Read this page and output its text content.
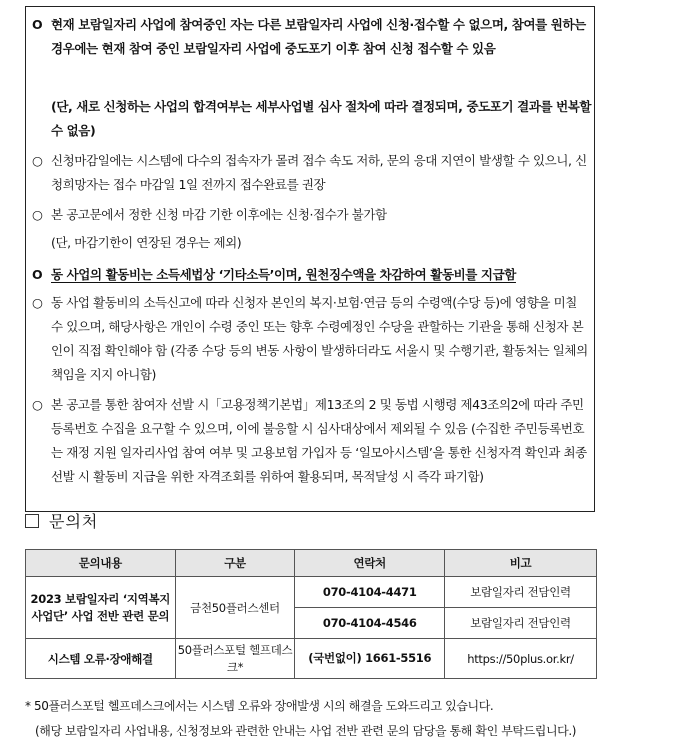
O 현재 보람일자리 사업에 참여중인 자는 다른 보람일자리 사업에 신청·접수할 수 없으며, 참여를 원하는 경우에는 현재 참여 중인 보람일자리 사업에 중도포기 이후 참여 신청 접수할 수 있음
(단, 새로 신청하는 사업의 합격여부는 세부사업별 심사 절차에 따라 결정되며, 중도포기 결과를 번복할 수 없음)
○ 신청마감일에는 시스템에 다수의 접속자가 몰려 접수 속도 저하, 문의 응대 지연이 발생할 수 있으니, 신청희망자는 접수 마감일 1일 전까지 접수완료를 권장
○ 본 공고문에서 정한 신청 마감 기한 이후에는 신청·접수가 불가함
(단, 마감기한이 연장된 경우는 제외)
O 동 사업의 활동비는 소득세법상 ‘기타소득’이며, 원천징수액을 차감하여 활동비를 지급함
○ 동 사업 활동비의 소득신고에 따라 신청자 본인의 복지·보험·연금 등의 수령액(수당 등)에 영향을 미칠 수 있으며, 해당사항은 개인이 수령 중인 또는 향후 수령예정인 수당을 관할하는 기관을 통해 신청자 본인이 직접 확인해야 함 (각종 수당 등의 변동 사항이 발생하더라도 서울시 및 수행기관, 활동처는 일체의 책임을 지지 아니함)
○ 본 공고를 통한 참여자 선발 시「고용정책기본법」제13조의 2 및 동법 시행령 제43조의2에 따라 주민등록번호 수집을 요구할 수 있으며, 이에 불응할 시 심사대상에서 제외될 수 있음 (수집한 주민등록번호는 재정 지원 일자리사업 참여 여부 및 고용보험 가입자 등 ‘일모아시스템’을 통한 신청자격 확인과 최종선발 시 활동비 지급을 위한 자격조회를 위하여 활용되며, 목적달성 시 즉각 파기함)
문의처
문의내용	구분	연락처	비고
2023 보람일자리 ‘지역복지사업단’ 사업 전반 관련 문의	금천50플러스센터	070-4104-4471	보람일자리 전담인력
		070-4104-4546	보람일자리 전담인력
시스템 오류·장애해결	50플러스포털 헬프데스크*	(국번없이) 1661-5516	https://50plus.or.kr/
* 50플러스포털 헬프데스크에서는 시스템 오류와 장애발생 시의 해결을 도와드리고 있습니다.
(해당 보람일자리 사업내용, 신청정보와 관련한 안내는 사업 전반 관련 문의 담당을 통해 확인 부탁드립니다.)
